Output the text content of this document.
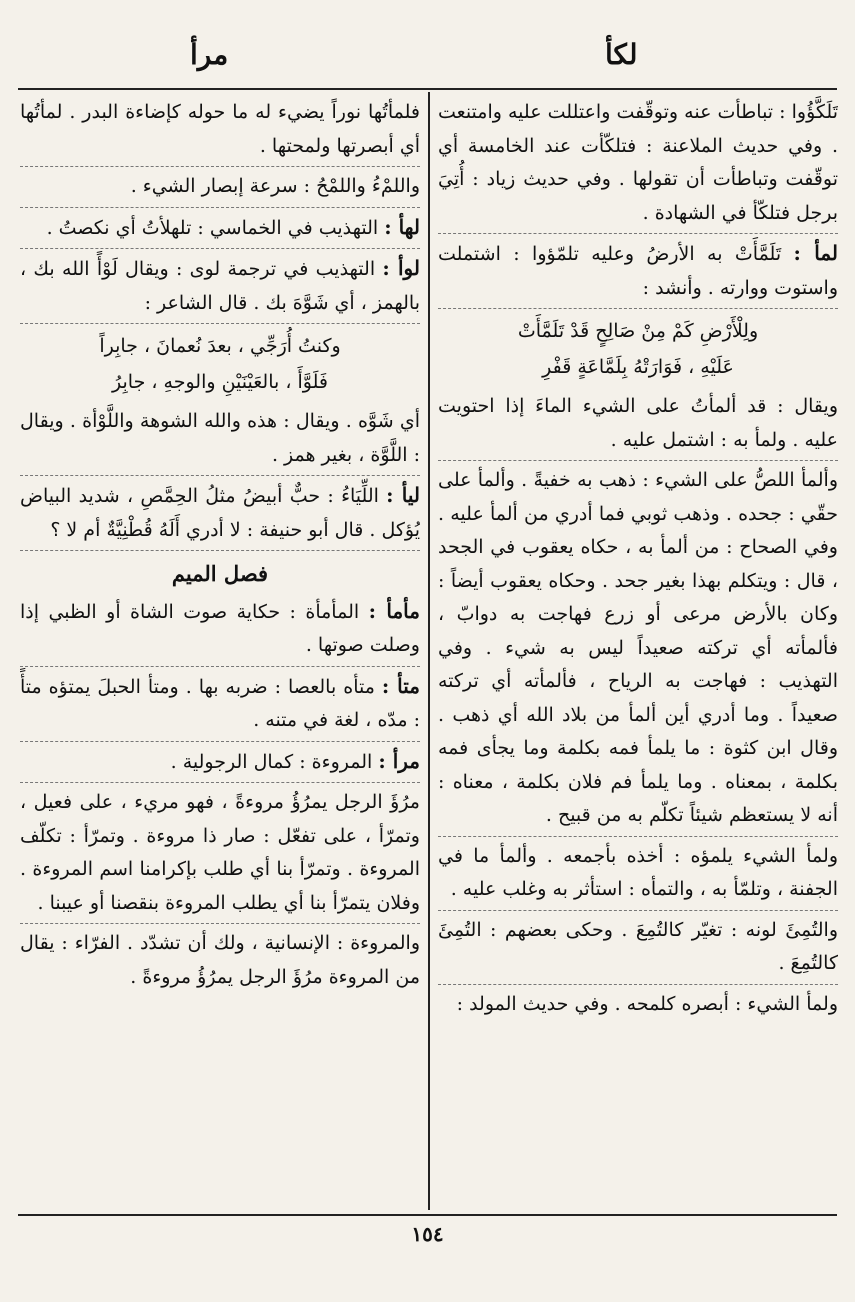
مرأ	لكأ
تَلَكَّؤُوا : تباطأت عنه وتوقّفت واعتللت عليه وامتنعت . وفي حديث الملاعنة : فتلكّأت عند الخامسة أي توقّفت وتباطأت أن تقولها . وفي حديث زياد : أُتِيَ برجل فتلكّأ في الشهادة .
لمأ : تَلَمَّأَتْ به الأرضُ وعليه تلمّؤوا : اشتملت واستوت ووارته . وأنشد :
ولِلْأَرْضِ كَمْ مِنْ صَالِحٍ قَدْ تَلَمَّأَتْ
عَلَيْهِ ، فَوَارَتْهُ بِلَمَّاعَةٍ قَفْرِ
ويقال : قد ألمأتُ على الشيء الماءَ إذا احتويت عليه . ولمأ به : اشتمل عليه .
وألمأ اللصُّ على الشيء : ذهب به خفيةً . وألمأ على حقّي : جحده . وذهب ثوبي فما أدري من ألمأ عليه . وفي الصحاح : من ألمأ به ، حكاه يعقوب في الجحد ، قال : ويتكلم بهذا بغير جحد . وحكاه يعقوب أيضاً : وكان بالأرض مرعى أو زرع فهاجت به دوابّ ، فألمأته أي تركته صعيداً ليس به شيء . وفي التهذيب : فهاجت به الرياح ، فألمأته أي تركته صعيداً . وما أدري أين ألمأ من بلاد الله أي ذهب . وقال ابن كثوة : ما يلمأ فمه بكلمة وما يجأى فمه بكلمة ، بمعناه . وما يلمأ فم فلان بكلمة ، معناه : أنه لا يستعظم شيئاً تكلّم به من قبيح .
ولمأ الشيء يلمؤه : أخذه بأجمعه . وألمأ ما في الجفنة ، وتلمّأ به ، والتمأه : استأثر به وغلب عليه .
والتُمِئَ لونه : تغيّر كالتُمِعَ . وحكى بعضهم : التُمِئَ كالتُمِعَ .
ولمأ الشيء : أبصره كلمحه . وفي حديث المولد :
فلمأتُها نوراً يضيء له ما حوله كإضاءة البدر . لمأتُها أي أبصرتها ولمحتها .
واللمْءُ واللمْحُ : سرعة إبصار الشيء .
لهأ : التهذيب في الخماسي : تلهلأتُ أي نكصتُ .
لوأ : التهذيب في ترجمة لوى : ويقال لَوْأً الله بك ، بالهمز ، أي شَوَّهَ بك . قال الشاعر :
وكنتُ أُرَجِّي ، بعدَ نُعمانَ ، جابِراً
فَلَوَّأَ ، بالعَيْنَيْنِ والوجهِ ، جابِرُ
أي شَوَّه . ويقال : هذه والله الشوهة واللَّوْأة . ويقال : اللَّوَّة ، بغير همز .
ليأ : اللِّيَاءُ : حبٌّ أبيضُ مثلُ الحِمَّصِ ، شديد البياض يُؤكل . قال أبو حنيفة : لا أدري أَلَهُ قُطْنِيَّةٌ أم لا ؟
فصل الميم
مأمأ : المأمأة : حكاية صوت الشاة أو الظبي إذا وصلت صوتها .
متأ : متأه بالعصا : ضربه بها . ومتأ الحبلَ يمتؤه متأً : مدّه ، لغة في متنه .
مرأ : المروءة : كمال الرجولية .
مرُؤَ الرجل يمرُؤُ مروءةً ، فهو مريء ، على فعيل ، وتمرّأ ، على تفعّل : صار ذا مروءة . وتمرّأ : تكلّف المروءة . وتمرّأ بنا أي طلب بإكرامنا اسم المروءة . وفلان يتمرّأ بنا أي يطلب المروءة بنقصنا أو عيبنا .
والمروءة : الإنسانية ، ولك أن تشدّد . الفرّاء : يقال من المروءة مرُؤَ الرجل يمرُؤُ مروءةً .
١٥٤
